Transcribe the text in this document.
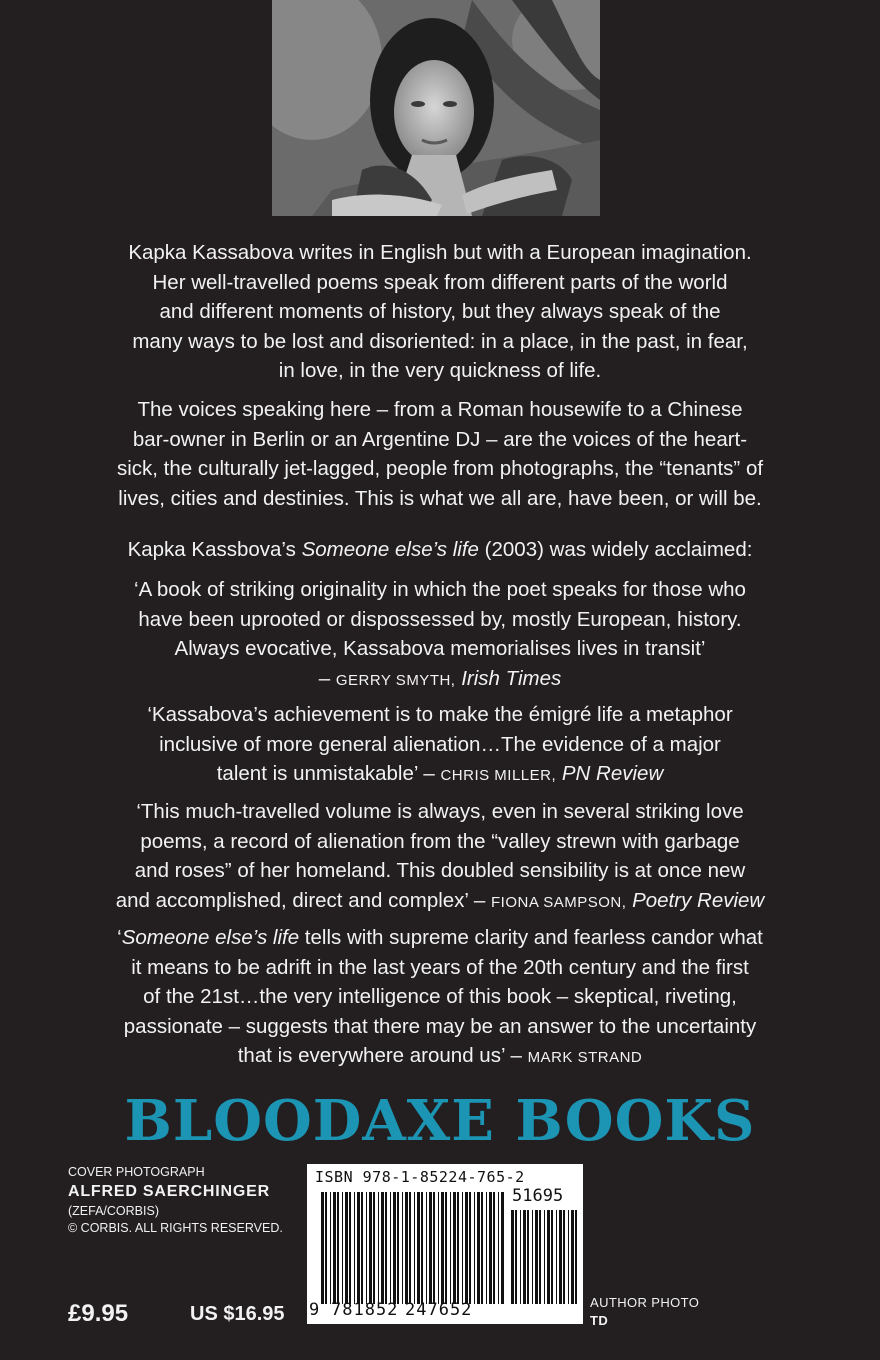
Kapka Kassabova writes in English but with a European imagination.
Her well-travelled poems speak from different parts of the world
and different moments of history, but they always speak of the
many ways to be lost and disoriented: in a place, in the past, in fear,
in love, in the very quickness of life.
The voices speaking here – from a Roman housewife to a Chinese
bar-owner in Berlin or an Argentine DJ – are the voices of the heart-
sick, the culturally jet-lagged, people from photographs, the “tenants” of
lives, cities and destinies. This is what we all are, have been, or will be.
Kapka Kassbova’s Someone else’s life (2003) was widely acclaimed:
‘A book of striking originality in which the poet speaks for those who
have been uprooted or dispossessed by, mostly European, history.
Always evocative, Kassabova memorialises lives in transit’
– GERRY SMYTH, Irish Times
‘Kassabova’s achievement is to make the émigré life a metaphor
inclusive of more general alienation…The evidence of a major
talent is unmistakable’ – CHRIS MILLER, PN Review
‘This much-travelled volume is always, even in several striking love
poems, a record of alienation from the “valley strewn with garbage
and roses” of her homeland. This doubled sensibility is at once new
and accomplished, direct and complex’ – FIONA SAMPSON, Poetry Review
‘Someone else’s life tells with supreme clarity and fearless candor what
it means to be adrift in the last years of the 20th century and the first
of the 21st…the very intelligence of this book – skeptical, riveting,
passionate – suggests that there may be an answer to the uncertainty
that is everywhere around us’ – MARK STRAND
BLOODAXE BOOKS
COVER PHOTOGRAPH
ALFRED SAERCHINGER
(ZEFA/CORBIS)
© CORBIS. ALL RIGHTS RESERVED.
£9.95	US $16.95
ISBN 978-1-85224-765-2
51695
9 781852 247652	AUTHOR PHOTO
TD
